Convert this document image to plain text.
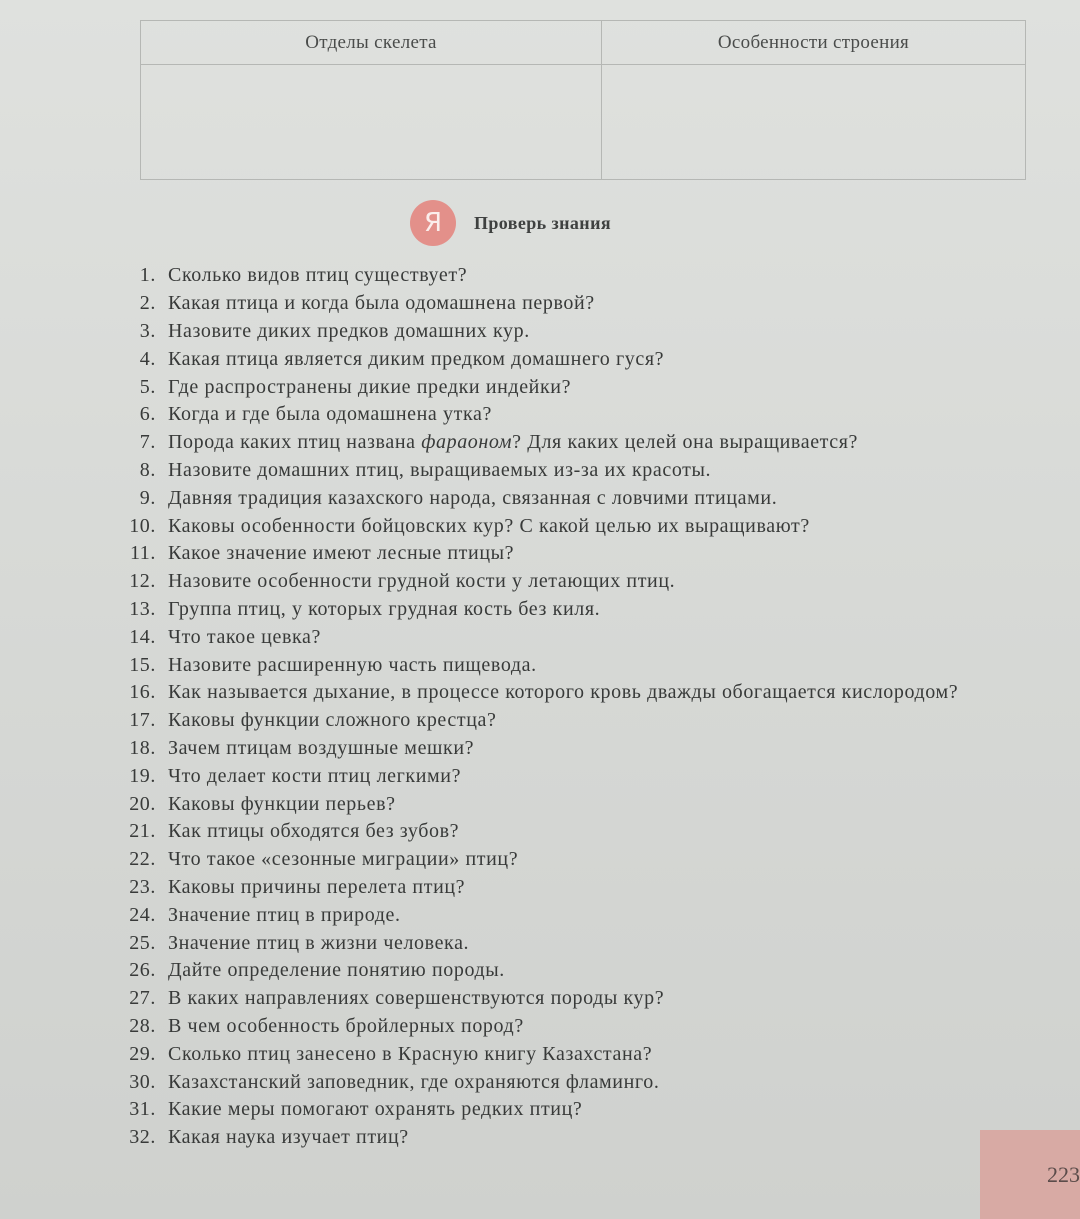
Отделы скелета	Особенности строения
Я	Проверь знания
1. Сколько видов птиц существует?
2. Какая птица и когда была одомашнена первой?
3. Назовите диких предков домашних кур.
4. Какая птица является диким предком домашнего гуся?
5. Где распространены дикие предки индейки?
6. Когда и где была одомашнена утка?
7. Порода каких птиц названа фараоном? Для каких целей она выращивается?
8. Назовите домашних птиц, выращиваемых из-за их красоты.
9. Давняя традиция казахского народа, связанная с ловчими птицами.
10. Каковы особенности бойцовских кур? С какой целью их выращивают?
11. Какое значение имеют лесные птицы?
12. Назовите особенности грудной кости у летающих птиц.
13. Группа птиц, у которых грудная кость без киля.
14. Что такое цевка?
15. Назовите расширенную часть пищевода.
16. Как называется дыхание, в процессе которого кровь дважды обогащается кислородом?
17. Каковы функции сложного крестца?
18. Зачем птицам воздушные мешки?
19. Что делает кости птиц легкими?
20. Каковы функции перьев?
21. Как птицы обходятся без зубов?
22. Что такое «сезонные миграции» птиц?
23. Каковы причины перелета птиц?
24. Значение птиц в природе.
25. Значение птиц в жизни человека.
26. Дайте определение понятию породы.
27. В каких направлениях совершенствуются породы кур?
28. В чем особенность бройлерных пород?
29. Сколько птиц занесено в Красную книгу Казахстана?
30. Казахстанский заповедник, где охраняются фламинго.
31. Какие меры помогают охранять редких птиц?
32. Какая наука изучает птиц?
223
